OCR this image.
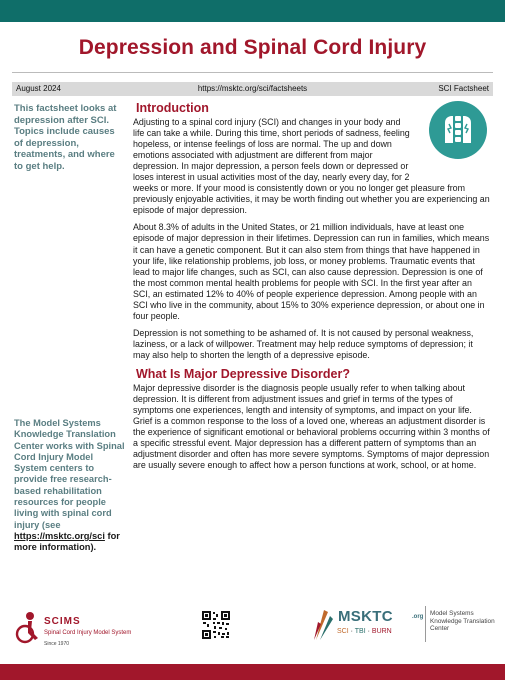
Depression and Spinal Cord Injury
August 2024	https://msktc.org/sci/factsheets	SCI Factsheet
This factsheet looks at depression after SCI. Topics include causes of depression, treatments, and where to get help.
The Model Systems Knowledge Translation Center works with Spinal Cord Injury Model System centers to provide free research-based rehabilitation resources for people living with spinal cord injury (see https://msktc.org/sci for more information).
Introduction

Adjusting to a spinal cord injury (SCI) and changes in your body and life can take a while. During this time, short periods of sadness, feeling hopeless, or intense feelings of loss are normal. The up and down emotions associated with adjustment are different from major depression. In major depression, a person feels down or depressed or loses interest in usual activities most of the day, nearly every day, for 2 weeks or more. If your mood is consistently down or you no longer get pleasure from previously enjoyable activities, it may be worth finding out whether you are experiencing an episode of major depression.

About 8.3% of adults in the United States, or 21 million individuals, have at least one episode of major depression in their lifetimes. Depression can run in families, which means it can have a genetic component. But it can also stem from things that have happened in your life, like relationship problems, job loss, or money problems. Traumatic events that lead to major life changes, such as SCI, can also cause depression. Depression is one of the most common mental health problems for people with SCI. In the first year after an SCI, an estimated 12% to 40% of people experience depression. Among people with an SCI who live in the community, about 15% to 30% experience depression, or about one in four people.

Depression is not something to be ashamed of. It is not caused by personal weakness, laziness, or a lack of willpower. Treatment may help reduce symptoms of depression; it may also help to shorten the length of a depressive episode.

What Is Major Depressive Disorder?

Major depressive disorder is the diagnosis people usually refer to when talking about depression. It is different from adjustment issues and grief in terms of the types of symptoms one experiences, length and intensity of symptoms, and impact on your life. Grief is a common response to the loss of a loved one, whereas an adjustment disorder is the experience of significant emotional or behavioral problems occurring within 3 months of a specific stressful event. Major depression has a different pattern of symptoms than an adjustment disorder and often has more severe symptoms. Symptoms of major depression are usually severe enough to affect how a person functions at work, school, or at home.

SCIMS
Spinal Cord Injury Model System
Since 1970
MSKTC	.org
SCI · TBI · BURN
Model Systems Knowledge Translation Center
